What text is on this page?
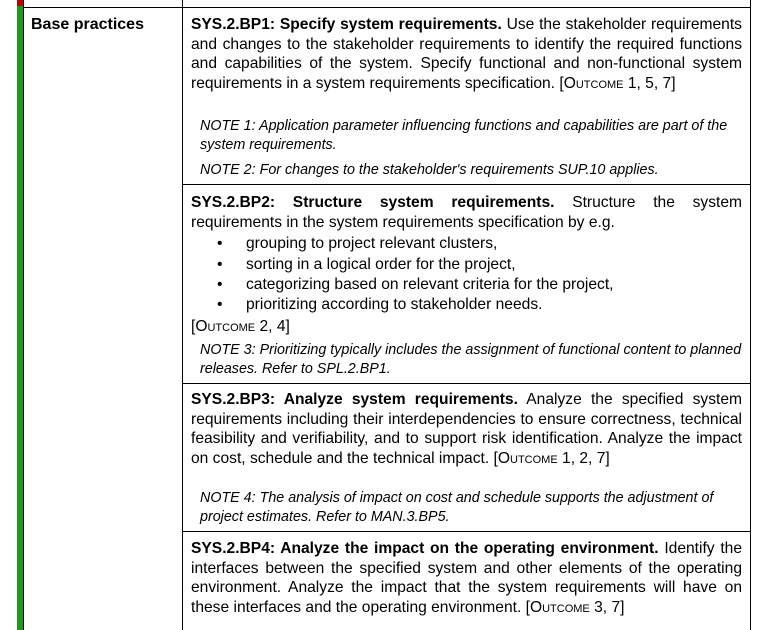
Base practices	SYS.2.BP1: Specify system requirements. Use the stakeholder requirements and changes to the stakeholder requirements to identify the required functions and capabilities of the system. Specify functional and non-functional system requirements in a system requirements specification. [Outcome 1, 5, 7]

NOTE 1: Application parameter influencing functions and capabilities are part of the system requirements.

NOTE 2: For changes to the stakeholder's requirements SUP.10 applies.

SYS.2.BP2: Structure system requirements. Structure the system requirements in the system requirements specification by e.g.

• grouping to project relevant clusters,
• sorting in a logical order for the project,
• categorizing based on relevant criteria for the project,
• prioritizing according to stakeholder needs.

[Outcome 2, 4]

NOTE 3: Prioritizing typically includes the assignment of functional content to planned releases. Refer to SPL.2.BP1.

SYS.2.BP3: Analyze system requirements. Analyze the specified system requirements including their interdependencies to ensure correctness, technical feasibility and verifiability, and to support risk identification. Analyze the impact on cost, schedule and the technical impact. [Outcome 1, 2, 7]

NOTE 4: The analysis of impact on cost and schedule supports the adjustment of project estimates. Refer to MAN.3.BP5.

SYS.2.BP4: Analyze the impact on the operating environment. Identify the interfaces between the specified system and other elements of the operating environment. Analyze the impact that the system requirements will have on these interfaces and the operating environment. [Outcome 3, 7]
